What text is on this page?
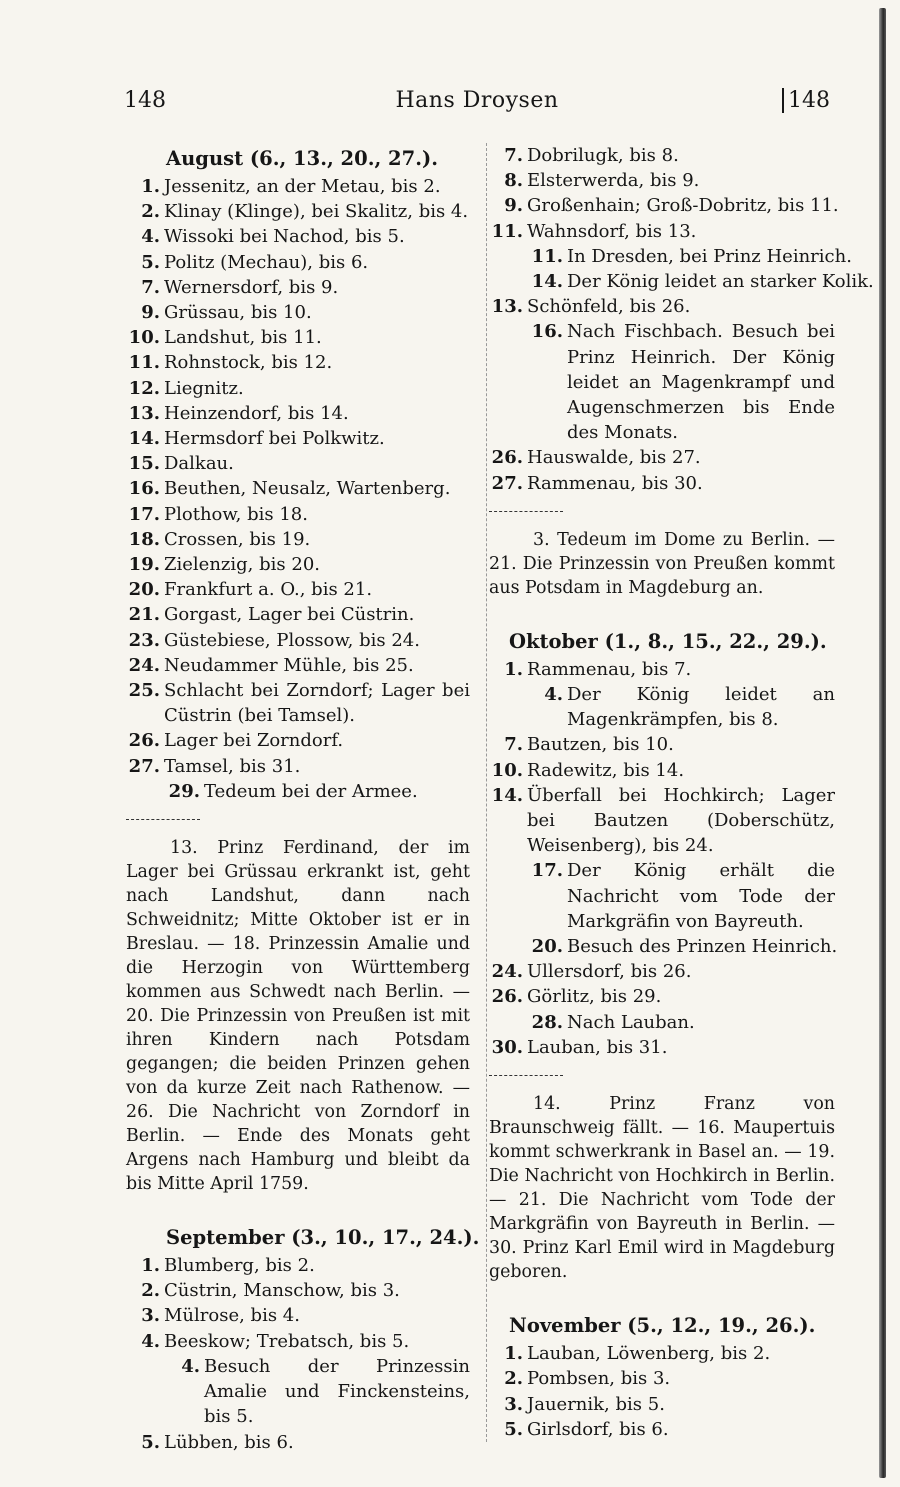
148	Hans Droysen	148
August (6., 13., 20., 27.).
1. Jessenitz, an der Metau, bis 2.
2. Klinay (Klinge), bei Skalitz, bis 4.
4. Wissoki bei Nachod, bis 5.
5. Politz (Mechau), bis 6.
7. Wernersdorf, bis 9.
9. Grüssau, bis 10.
10. Landshut, bis 11.
11. Rohnstock, bis 12.
12. Liegnitz.
13. Heinzendorf, bis 14.
14. Hermsdorf bei Polkwitz.
15. Dalkau.
16. Beuthen, Neusalz, Wartenberg.
17. Plothow, bis 18.
18. Crossen, bis 19.
19. Zielenzig, bis 20.
20. Frankfurt a. O., bis 21.
21. Gorgast, Lager bei Cüstrin.
23. Güstebiese, Plossow, bis 24.
24. Neudammer Mühle, bis 25.
25. Schlacht bei Zorndorf; Lager bei Cüstrin (bei Tamsel).
26. Lager bei Zorndorf.
27. Tamsel, bis 31.
29. Tedeum bei der Armee.
13. Prinz Ferdinand, der im Lager bei Grüssau erkrankt ist, geht nach Landshut, dann nach Schweidnitz; Mitte Oktober ist er in Breslau. — 18. Prinzessin Amalie und die Herzogin von Württemberg kommen aus Schwedt nach Berlin. — 20. Die Prinzessin von Preußen ist mit ihren Kindern nach Potsdam gegangen; die beiden Prinzen gehen von da kurze Zeit nach Rathenow. — 26. Die Nachricht von Zorndorf in Berlin. — Ende des Monats geht Argens nach Hamburg und bleibt da bis Mitte April 1759.
September (3., 10., 17., 24.).
1. Blumberg, bis 2.
2. Cüstrin, Manschow, bis 3.
3. Mülrose, bis 4.
4. Beeskow; Trebatsch, bis 5.
4. Besuch der Prinzessin Amalie und Finckensteins, bis 5.
5. Lübben, bis 6.
7. Dobrilugk, bis 8.
8. Elsterwerda, bis 9.
9. Großenhain; Groß-Dobritz, bis 11.
11. Wahnsdorf, bis 13.
11. In Dresden, bei Prinz Heinrich.
14. Der König leidet an starker Kolik.
13. Schönfeld, bis 26.
16. Nach Fischbach. Besuch bei Prinz Heinrich. Der König leidet an Magenkrampf und Augenschmerzen bis Ende des Monats.
26. Hauswalde, bis 27.
27. Rammenau, bis 30.
3. Tedeum im Dome zu Berlin. — 21. Die Prinzessin von Preußen kommt aus Potsdam in Magdeburg an.
Oktober (1., 8., 15., 22., 29.).
1. Rammenau, bis 7.
4. Der König leidet an Magenkrämpfen, bis 8.
7. Bautzen, bis 10.
10. Radewitz, bis 14.
14. Überfall bei Hochkirch; Lager bei Bautzen (Doberschütz, Weisenberg), bis 24.
17. Der König erhält die Nachricht vom Tode der Markgräfin von Bayreuth.
20. Besuch des Prinzen Heinrich.
24. Ullersdorf, bis 26.
26. Görlitz, bis 29.
28. Nach Lauban.
30. Lauban, bis 31.
14. Prinz Franz von Braunschweig fällt. — 16. Maupertuis kommt schwerkrank in Basel an. — 19. Die Nachricht von Hochkirch in Berlin. — 21. Die Nachricht vom Tode der Markgräfin von Bayreuth in Berlin. — 30. Prinz Karl Emil wird in Magdeburg geboren.
November (5., 12., 19., 26.).
1. Lauban, Löwenberg, bis 2.
2. Pombsen, bis 3.
3. Jauernik, bis 5.
5. Girlsdorf, bis 6.
